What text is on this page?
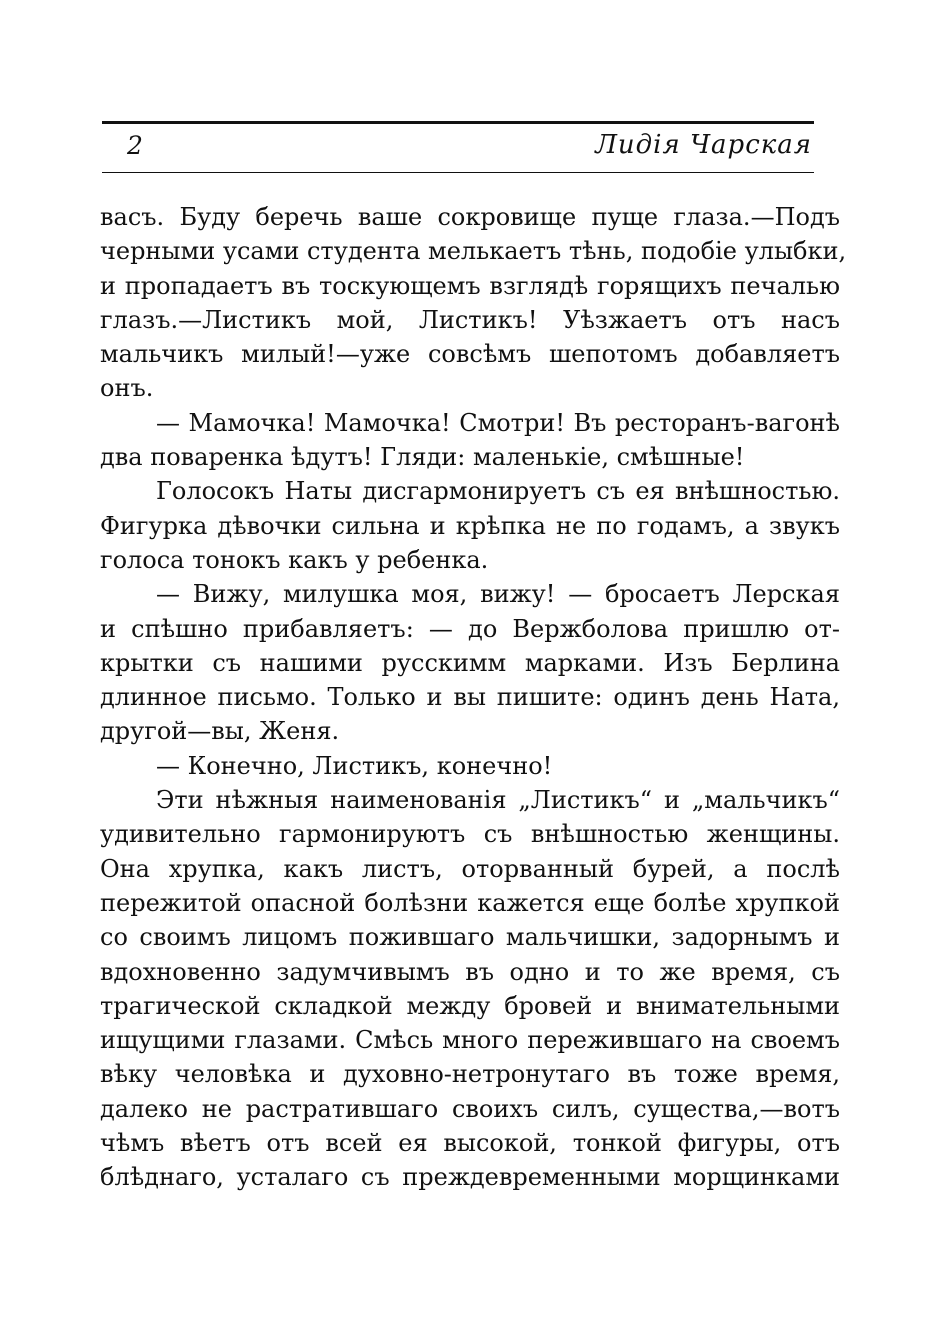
2	Лидія Чарская
васъ. Буду беречь ваше сокровище пуще глаза.—Подъ
черными усами студента мелькаетъ тѣнь, подобіе улыбки,
и пропадаетъ въ тоскующемъ взглядѣ горящихъ печалью
глазъ.—Листикъ мой, Листикъ! Уѣзжаетъ отъ насъ
мальчикъ милый!—уже совсѣмъ шепотомъ добавляетъ
онъ.
— Мамочка! Мамочка! Смотри! Въ ресторанъ-вагонѣ
два поваренка ѣдутъ! Гляди: маленькіе, смѣшные!
Голосокъ Наты дисгармонируетъ съ ея внѣшностью.
Фигурка дѣвочки сильна и крѣпка не по годамъ, а звукъ
голоса тонокъ какъ у ребенка.
— Вижу, милушка моя, вижу! — бросаетъ Лерская
и спѣшно прибавляетъ: — до Вержболова пришлю от-
крытки съ нашими русскимм марками. Изъ Берлина
длинное письмо. Только и вы пишите: одинъ день Ната,
другой—вы, Женя.
— Конечно, Листикъ, конечно!
Эти нѣжныя наименованія „Листикъ“ и „мальчикъ“
удивительно гармонируютъ съ внѣшностью женщины.
Она хрупка, какъ листъ, оторванный бурей, а послѣ
пережитой опасной болѣзни кажется еще болѣе хрупкой
со своимъ лицомъ пожившаго мальчишки, задорнымъ и
вдохновенно задумчивымъ въ одно и то же время, съ
трагической складкой между бровей и внимательными
ищущими глазами. Смѣсь много пережившаго на своемъ
вѣку человѣка и духовно-нетронутаго въ тоже время,
далеко не растратившаго своихъ силъ, существа,—вотъ
чѣмъ вѣетъ отъ всей ея высокой, тонкой фигуры, отъ
блѣднаго, усталаго съ преждевременными морщинками
